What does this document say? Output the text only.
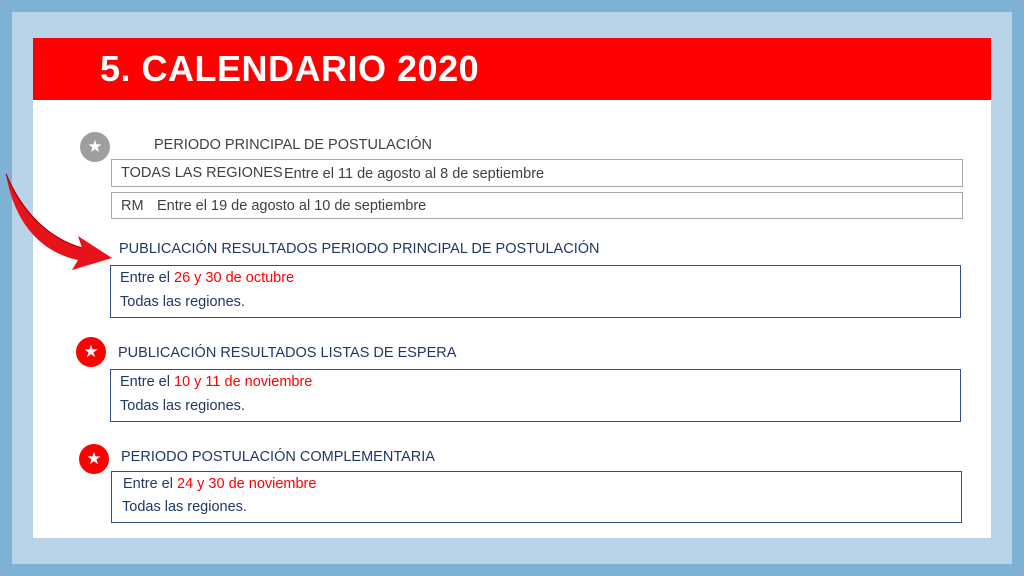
5. CALENDARIO 2020
★	PERIODO PRINCIPAL DE POSTULACIÓN
TODAS LAS REGIONES Entre el 11 de agosto al 8 de septiembre
RM Entre el 19 de agosto al 10 de septiembre
PUBLICACIÓN RESULTADOS PERIODO PRINCIPAL DE POSTULACIÓN
Entre el 26 y 30 de octubre
Todas las regiones.
★	PUBLICACIÓN RESULTADOS LISTAS DE ESPERA
Entre el 10 y 11 de noviembre
Todas las regiones.
★	PERIODO POSTULACIÓN COMPLEMENTARIA
Entre el 24 y 30 de noviembre
Todas las regiones.
